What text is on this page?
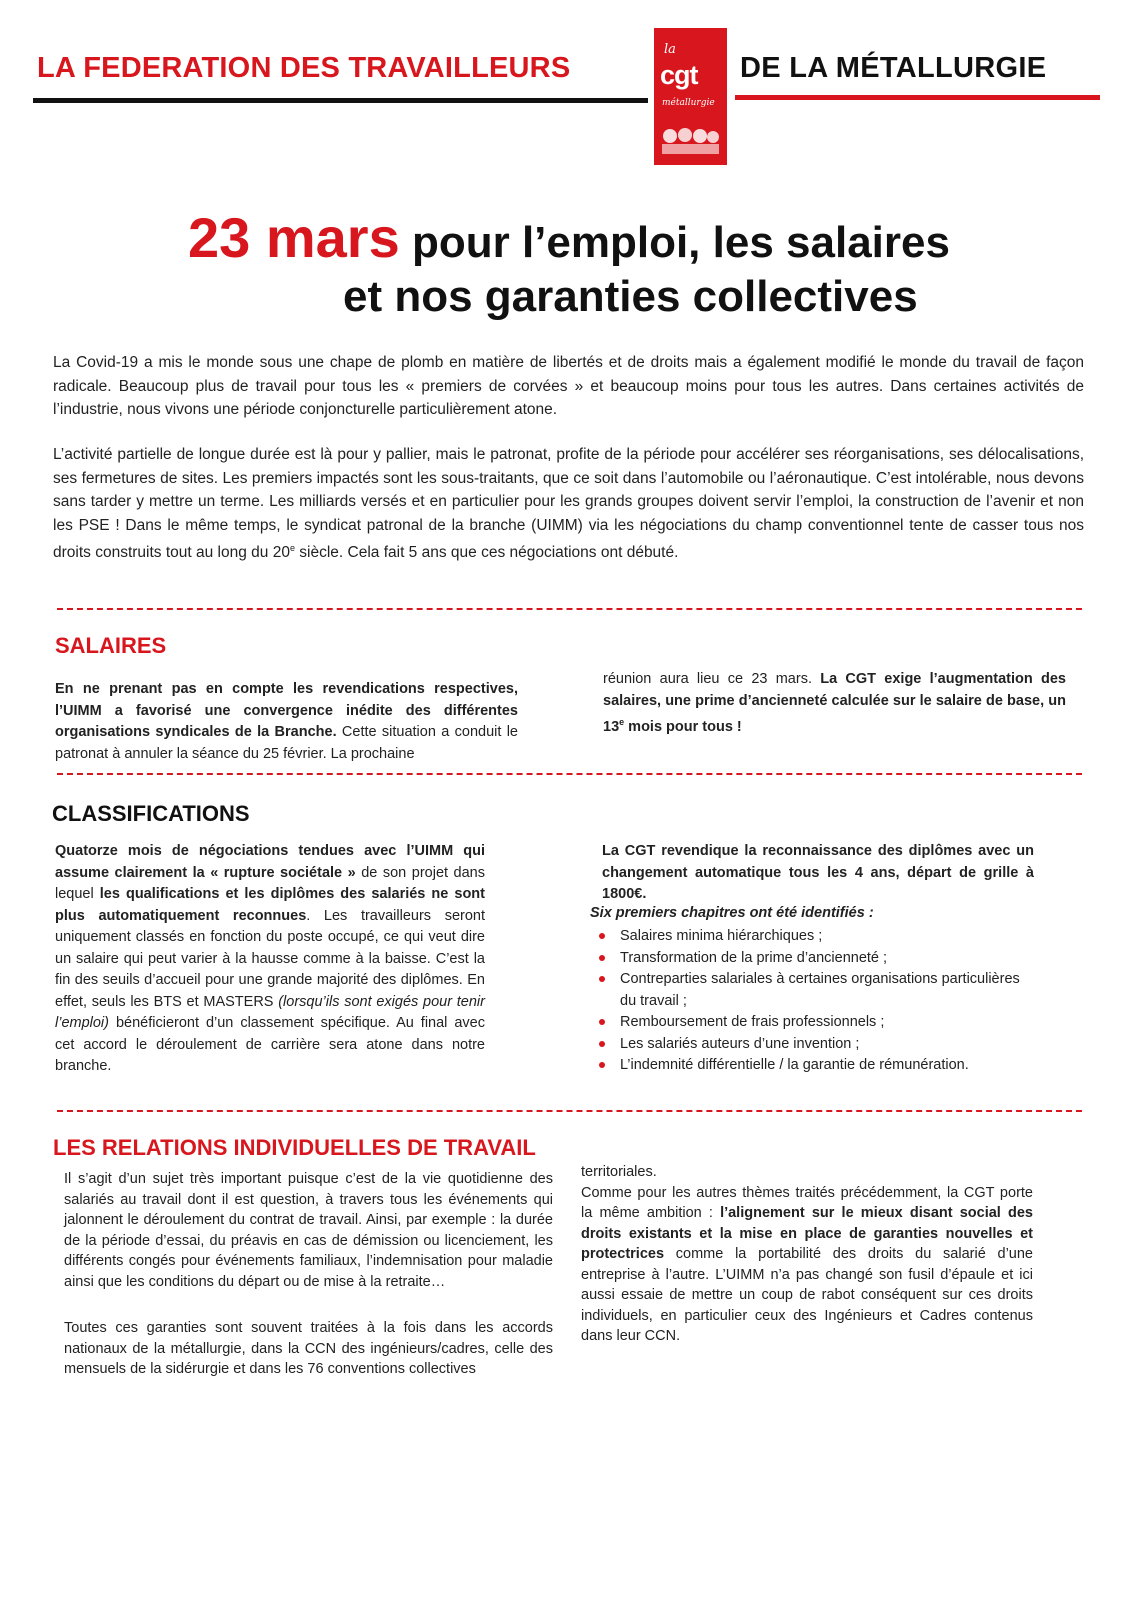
LA FEDERATION DES TRAVAILLEURS
la
cgt
métallurgie
DE LA MÉTALLURGIE
23 mars pour l’emploi, les salaires
et nos garanties collectives
La Covid-19 a mis le monde sous une chape de plomb en matière de libertés et de droits mais a également modifié le monde du travail de façon radicale. Beaucoup plus de travail pour tous les « premiers de corvées » et beaucoup moins pour tous les autres. Dans certaines activités de l’industrie, nous vivons une période conjoncturelle particulièrement atone.
L’activité partielle de longue durée est là pour y pallier, mais le patronat, profite de la période pour accélérer ses réorganisations, ses délocalisations, ses fermetures de sites. Les premiers impactés sont les sous-traitants, que ce soit dans l’automobile ou l’aéronautique. C’est intolérable, nous devons sans tarder y mettre un terme. Les milliards versés et en particulier pour les grands groupes doivent servir l’emploi, la construction de l’avenir et non les PSE ! Dans le même temps, le syndicat patronal de la branche (UIMM) via les négociations du champ conventionnel tente de casser tous nos droits construits tout au long du 20e siècle. Cela fait 5 ans que ces négociations ont débuté.
SALAIRES
En ne prenant pas en compte les revendications respectives, l’UIMM a favorisé une convergence inédite des différentes organisations syndicales de la Branche. Cette situation a conduit le patronat à annuler la séance du 25 février. La prochaine
réunion aura lieu ce 23 mars. La CGT exige l’augmentation des salaires, une prime d’ancienneté calculée sur le salaire de base, un 13e mois pour tous !
CLASSIFICATIONS
Quatorze mois de négociations tendues avec l’UIMM qui assume clairement la « rupture sociétale » de son projet dans lequel les qualifications et les diplômes des salariés ne sont plus automatiquement reconnues. Les travailleurs seront uniquement classés en fonction du poste occupé, ce qui veut dire un salaire qui peut varier à la hausse comme à la baisse. C’est la fin des seuils d’accueil pour une grande majorité des diplômes. En effet, seuls les BTS et MASTERS (lorsqu’ils sont exigés pour tenir l’emploi) bénéficieront d’un classement spécifique. Au final avec cet accord le déroulement de carrière sera atone dans notre branche.
La CGT revendique la reconnaissance des diplômes avec un changement automatique tous les 4 ans, départ de grille à 1800€.
Six premiers chapitres ont été identifiés :
Salaires minima hiérarchiques ;
Transformation de la prime d’ancienneté ;
Contreparties salariales à certaines organisations particulières du travail ;
Remboursement de frais professionnels ;
Les salariés auteurs d’une invention ;
L’indemnité différentielle / la garantie de rémunération.
LES RELATIONS INDIVIDUELLES DE TRAVAIL
Il s’agit d’un sujet très important puisque c’est de la vie quotidienne des salariés au travail dont il est question, à travers tous les événements qui jalonnent le déroulement du contrat de travail. Ainsi, par exemple : la durée de la période d’essai, du préavis en cas de démission ou licenciement, les différents congés pour événements familiaux, l’indemnisation pour maladie ainsi que les conditions du départ ou de mise à la retraite…
Toutes ces garanties sont souvent traitées à la fois dans les accords nationaux de la métallurgie, dans la CCN des ingénieurs/cadres, celle des mensuels de la sidérurgie et dans les 76 conventions collectives
territoriales.
Comme pour les autres thèmes traités précédemment, la CGT porte la même ambition : l’alignement sur le mieux disant social des droits existants et la mise en place de garanties nouvelles et protectrices comme la portabilité des droits du salarié d’une entreprise à l’autre. L’UIMM n’a pas changé son fusil d’épaule et ici aussi essaie de mettre un coup de rabot conséquent sur ces droits individuels, en particulier ceux des Ingénieurs et Cadres contenus dans leur CCN.
